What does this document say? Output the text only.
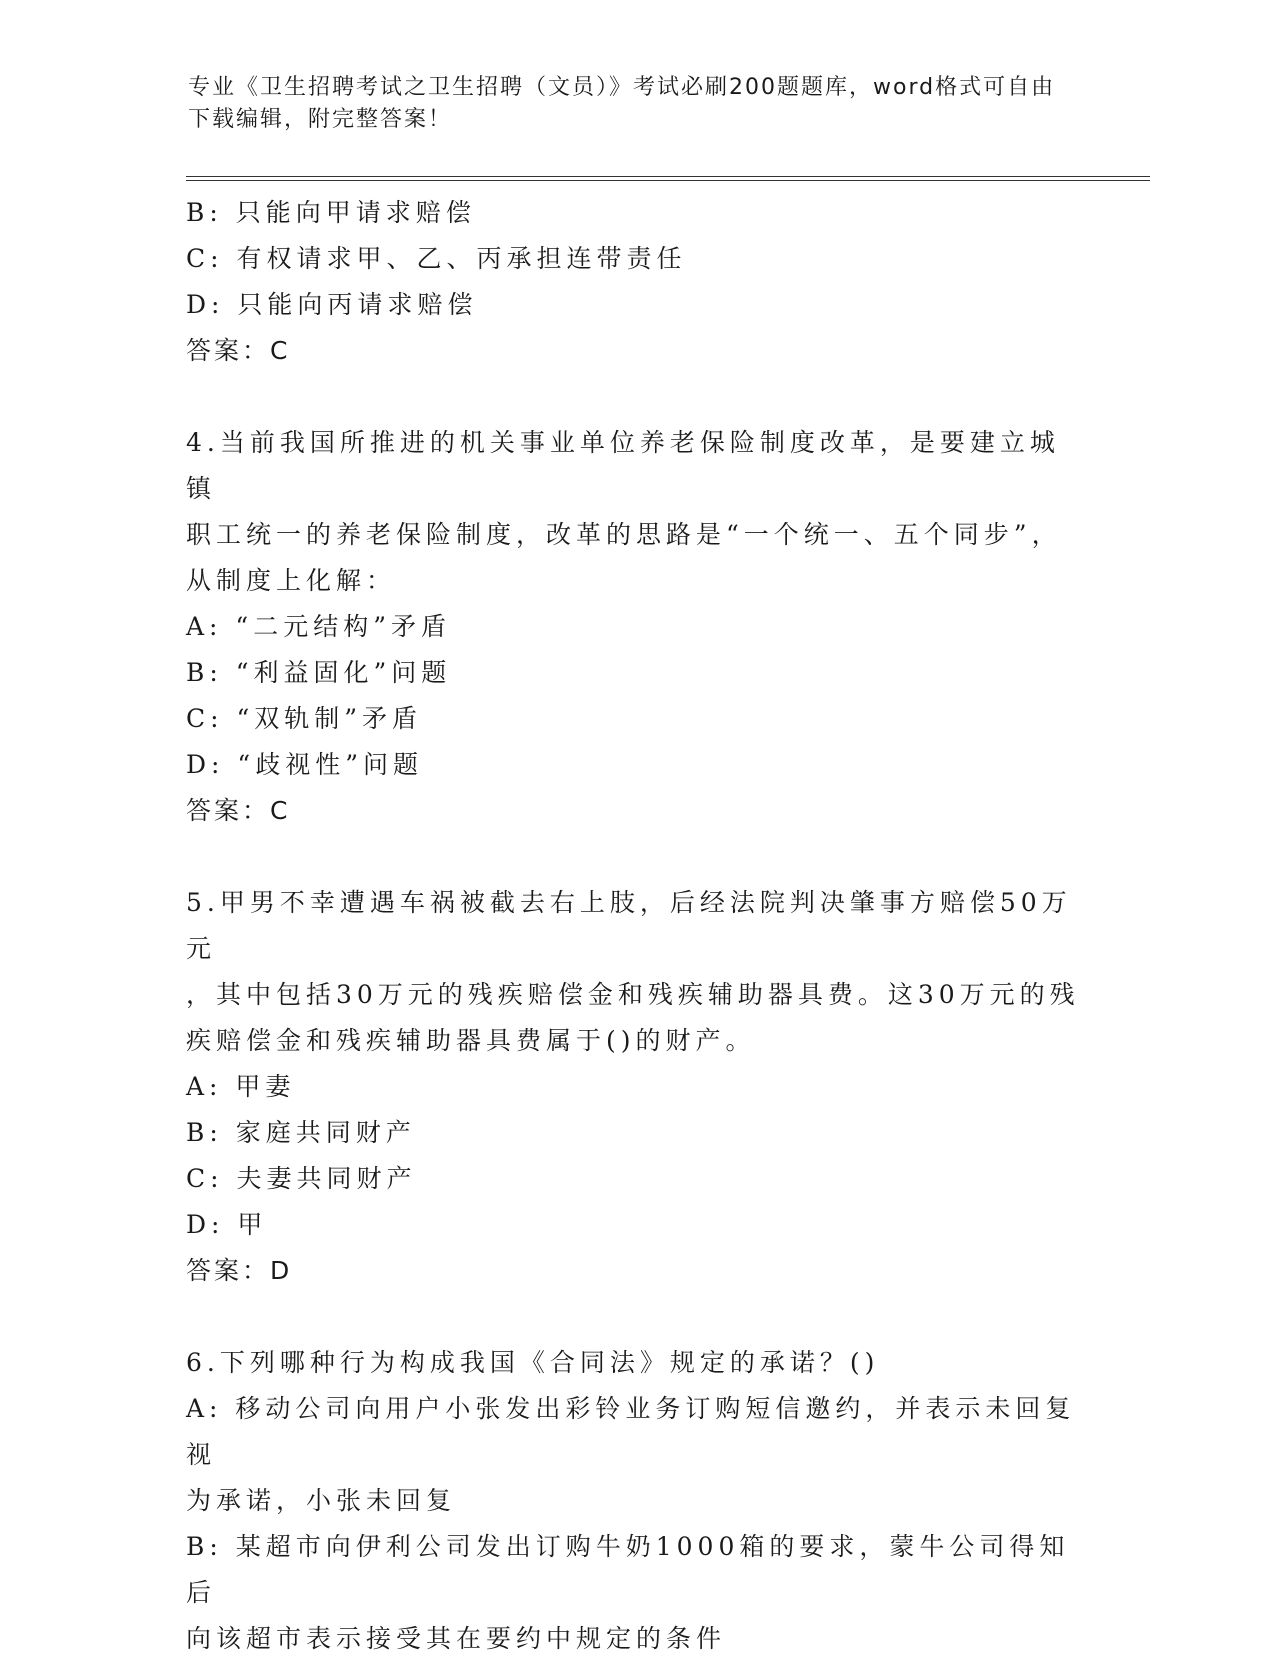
专业《卫生招聘考试之卫生招聘（文员）》考试必刷200题题库，word格式可自由下载编辑，附完整答案！
B: 只能向甲请求赔偿
C: 有权请求甲、乙、丙承担连带责任
D: 只能向丙请求赔偿
答案：C
4.当前我国所推进的机关事业单位养老保险制度改革，是要建立城镇
职工统一的养老保险制度，改革的思路是“一个统一、五个同步”，
从制度上化解：
A: “二元结构”矛盾
B: “利益固化”问题
C: “双轨制”矛盾
D: “歧视性”问题
答案：C
5.甲男不幸遭遇车祸被截去右上肢，后经法院判决肇事方赔偿50万元
，其中包括30万元的残疾赔偿金和残疾辅助器具费。这30万元的残
疾赔偿金和残疾辅助器具费属于()的财产。
A: 甲妻
B: 家庭共同财产
C: 夫妻共同财产
D: 甲
答案：D
6.下列哪种行为构成我国《合同法》规定的承诺？()
A: 移动公司向用户小张发出彩铃业务订购短信邀约，并表示未回复视
为承诺，小张未回复
B: 某超市向伊利公司发出订购牛奶1000箱的要求，蒙牛公司得知后
向该超市表示接受其在要约中规定的条件
